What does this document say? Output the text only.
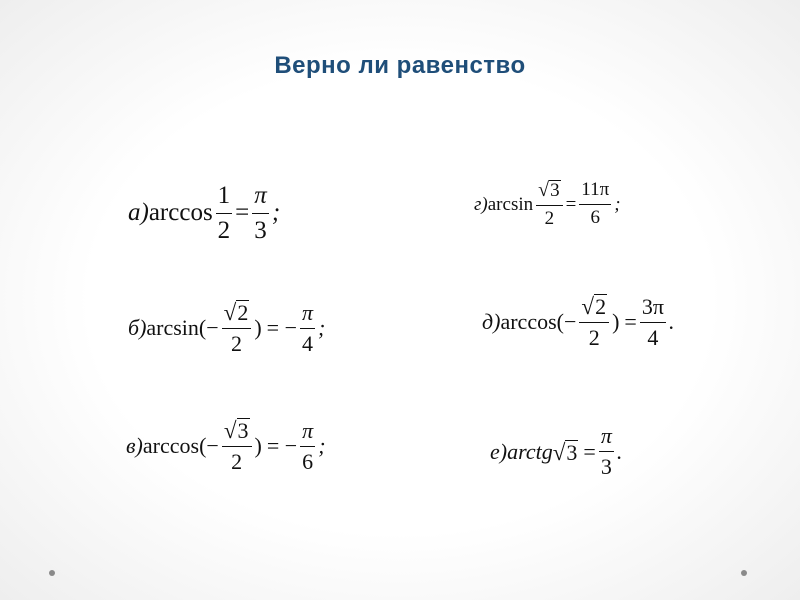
Верно ли равенство
а) $\arccos \frac{1}{2} = \frac{\pi}{3}$ ;	г) $\arcsin \frac{√ 3}{2} = \frac{11\pi}{6}$ ;
б) $\arcsin(- \frac{√ 2}{2}$ ) = − $\frac{\pi}{4}$ ;	д) $\arccos(- \frac{√ 2}{2}$ ) = $\frac{3\pi}{4}$ .
в) $\arccos(- \frac{√ 3}{2}$ ) = − $\frac{\pi}{6}$ ;	е) arctg √ $3 = \frac{\pi}{3}$ .
